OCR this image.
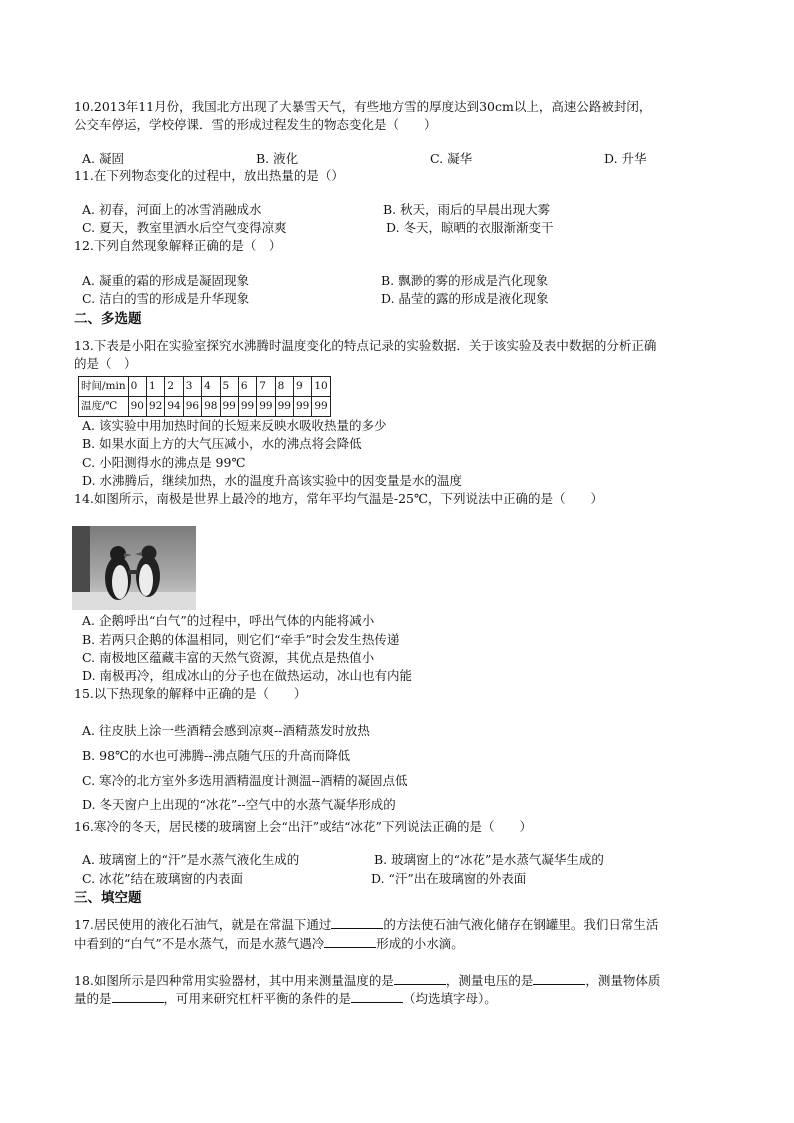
10.2013年11月份，我国北方出现了大暴雪天气，有些地方雪的厚度达到30cm以上，高速公路被封闭，
公交车停运，学校停课．雪的形成过程发生的物态变化是（　　）
A. 凝固	B. 液化	C. 凝华	D. 升华
11.在下列物态变化的过程中，放出热量的是（）
A. 初春，河面上的冰雪消融成水	B. 秋天，雨后的早晨出现大雾
C. 夏天，教室里洒水后空气变得凉爽	D. 冬天，晾晒的衣服渐渐变干
12.下列自然现象解释正确的是（　）
A. 凝重的霜的形成是凝固现象	B. 飘渺的雾的形成是汽化现象
C. 洁白的雪的形成是升华现象	D. 晶莹的露的形成是液化现象
二、多选题
13.下表是小阳在实验室探究水沸腾时温度变化的特点记录的实验数据．关于该实验及表中数据的分析正确
的是（　）
时间/min	0	1	2	3	4	5	6	7	8	9	10
温度/℃	90	92	94	96	98	99	99	99	99	99	99
A. 该实验中用加热时间的长短来反映水吸收热量的多少
B. 如果水面上方的大气压减小，水的沸点将会降低
C. 小阳测得水的沸点是 99℃
D. 水沸腾后，继续加热，水的温度升高该实验中的因变量是水的温度
14.如图所示，南极是世界上最冷的地方，常年平均气温是-25℃，下列说法中正确的是（　　）
A. 企鹅呼出“白气”的过程中，呼出气体的内能将减小
B. 若两只企鹅的体温相同，则它们“牵手”时会发生热传递
C. 南极地区蕴藏丰富的天然气资源，其优点是热值小
D. 南极再冷，组成冰山的分子也在做热运动，冰山也有内能
15.以下热现象的解释中正确的是（　　）
A. 往皮肤上涂一些酒精会感到凉爽--酒精蒸发时放热
B. 98℃的水也可沸腾--沸点随气压的升高而降低
C. 寒冷的北方室外多选用酒精温度计测温--酒精的凝固点低
D. 冬天窗户上出现的“冰花”--空气中的水蒸气凝华形成的
16.寒冷的冬天，居民楼的玻璃窗上会“出汗”或结“冰花”下列说法正确的是（　　）
A. 玻璃窗上的“汗”是水蒸气液化生成的	B. 玻璃窗上的“冰花”是水蒸气凝华生成的
C. 冰花”结在玻璃窗的内表面	D. “汗”出在玻璃窗的外表面
三、填空题
17.居民使用的液化石油气，就是在常温下通过	的方法使石油气液化储存在钢罐里。我们日常生活
中看到的“白气”不是水蒸气，而是水蒸气遇冷	形成的小水滴。
18.如图所示是四种常用实验器材，其中用来测量温度的是	，测量电压的是	，测量物体质
量的是	，可用来研究杠杆平衡的条件的是	（均选填字母）。
